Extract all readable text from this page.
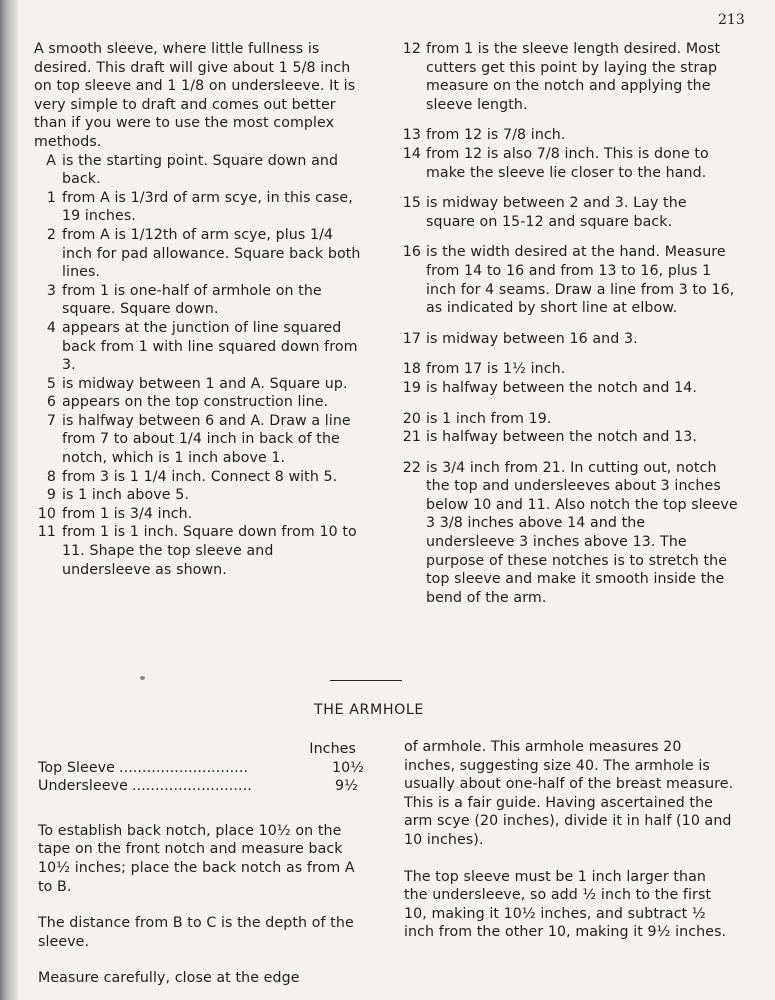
213

A smooth sleeve, where little fullness is desired. This draft will give about 1 5/8 inch on top sleeve and 1 1/8 on undersleeve. It is very simple to draft and comes out better than if you were to use the most complex methods.

A is the starting point. Square down and back.
1 from A is 1/3rd of arm scye, in this case, 19 inches.
2 from A is 1/12th of arm scye, plus 1/4 inch for pad allowance. Square back both lines.
3 from 1 is one-half of armhole on the square. Square down.
4 appears at the junction of line squared back from 1 with line squared down from 3.
5 is midway between 1 and A. Square up.
6 appears on the top construction line.
7 is halfway between 6 and A. Draw a line from 7 to about 1/4 inch in back of the notch, which is 1 inch above 1.
8 from 3 is 1 1/4 inch. Connect 8 with 5.
9 is 1 inch above 5.
10 from 1 is 3/4 inch.
11 from 1 is 1 inch. Square down from 10 to 11. Shape the top sleeve and undersleeve as shown.
12 from 1 is the sleeve length desired. Most cutters get this point by laying the strap measure on the notch and applying the sleeve length.
13 from 12 is 7/8 inch.
14 from 12 is also 7/8 inch. This is done to make the sleeve lie closer to the hand.
15 is midway between 2 and 3. Lay the square on 15-12 and square back.
16 is the width desired at the hand. Measure from 14 to 16 and from 13 to 16, plus 1 inch for 4 seams. Draw a line from 3 to 16, as indicated by short line at elbow.
17 is midway between 16 and 3.
18 from 17 is 1½ inch.
19 is halfway between the notch and 14.
20 is 1 inch from 19.
21 is halfway between the notch and 13.
22 is 3/4 inch from 21. In cutting out, notch the top and undersleeves about 3 inches below 10 and 11. Also notch the top sleeve 3 3/8 inches above 14 and the undersleeve 3 inches above 13. The purpose of these notches is to stretch the top sleeve and make it smooth inside the bend of the arm.
THE ARMHOLE
Inches
Top Sleeve ............................	10½
Undersleeve ..........................	9½

To establish back notch, place 10½ on the tape on the front notch and measure back 10½ inches; place the back notch as from A to B.

The distance from B to C is the depth of the sleeve.

Measure carefully, close at the edge

of armhole. This armhole measures 20 inches, suggesting size 40. The armhole is usually about one-half of the breast measure. This is a fair guide. Having ascertained the arm scye (20 inches), divide it in half (10 and 10 inches).

The top sleeve must be 1 inch larger than the undersleeve, so add ½ inch to the first 10, making it 10½ inches, and subtract ½ inch from the other 10, making it 9½ inches.
